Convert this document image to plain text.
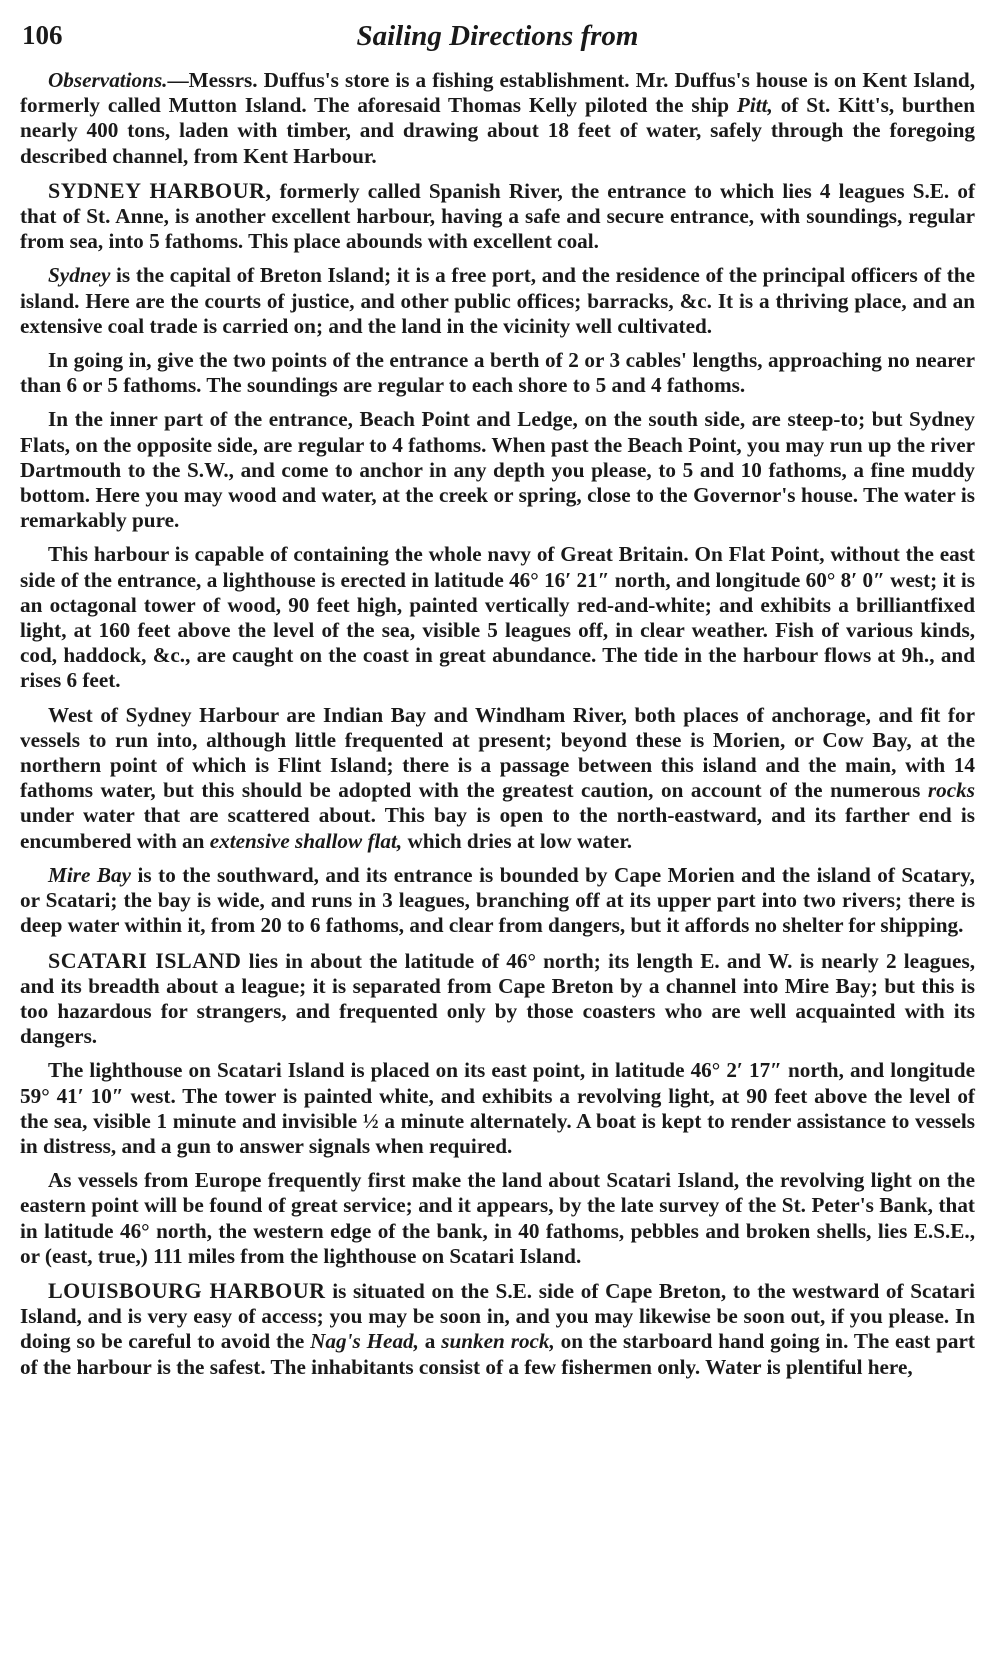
106	Sailing Directions from

Observations.—Messrs. Duffus's store is a fishing establishment. Mr. Duffus's house is on Kent Island, formerly called Mutton Island. The aforesaid Thomas Kelly piloted the ship Pitt, of St. Kitt's, burthen nearly 400 tons, laden with timber, and drawing about 18 feet of water, safely through the foregoing described channel, from Kent Harbour.

SYDNEY HARBOUR, formerly called Spanish River, the entrance to which lies 4 leagues S.E. of that of St. Anne, is another excellent harbour, having a safe and secure entrance, with soundings, regular from sea, into 5 fathoms. This place abounds with excellent coal.

Sydney is the capital of Breton Island; it is a free port, and the residence of the principal officers of the island. Here are the courts of justice, and other public offices; barracks, &c. It is a thriving place, and an extensive coal trade is carried on; and the land in the vicinity well cultivated.

In going in, give the two points of the entrance a berth of 2 or 3 cables' lengths, approaching no nearer than 6 or 5 fathoms. The soundings are regular to each shore to 5 and 4 fathoms.

In the inner part of the entrance, Beach Point and Ledge, on the south side, are steep-to; but Sydney Flats, on the opposite side, are regular to 4 fathoms. When past the Beach Point, you may run up the river Dartmouth to the S.W., and come to anchor in any depth you please, to 5 and 10 fathoms, a fine muddy bottom. Here you may wood and water, at the creek or spring, close to the Governor's house. The water is remarkably pure.

This harbour is capable of containing the whole navy of Great Britain. On Flat Point, without the east side of the entrance, a lighthouse is erected in latitude 46° 16′ 21″ north, and longitude 60° 8′ 0″ west; it is an octagonal tower of wood, 90 feet high, painted vertically red-and-white; and exhibits a brilliantfixed light, at 160 feet above the level of the sea, visible 5 leagues off, in clear weather. Fish of various kinds, cod, haddock, &c., are caught on the coast in great abundance. The tide in the harbour flows at 9h., and rises 6 feet.

West of Sydney Harbour are Indian Bay and Windham River, both places of anchorage, and fit for vessels to run into, although little frequented at present; beyond these is Morien, or Cow Bay, at the northern point of which is Flint Island; there is a passage between this island and the main, with 14 fathoms water, but this should be adopted with the greatest caution, on account of the numerous rocks under water that are scattered about. This bay is open to the north-eastward, and its farther end is encumbered with an extensive shallow flat, which dries at low water.

Mire Bay is to the southward, and its entrance is bounded by Cape Morien and the island of Scatary, or Scatari; the bay is wide, and runs in 3 leagues, branching off at its upper part into two rivers; there is deep water within it, from 20 to 6 fathoms, and clear from dangers, but it affords no shelter for shipping.

SCATARI ISLAND lies in about the latitude of 46° north; its length E. and W. is nearly 2 leagues, and its breadth about a league; it is separated from Cape Breton by a channel into Mire Bay; but this is too hazardous for strangers, and frequented only by those coasters who are well acquainted with its dangers.

The lighthouse on Scatari Island is placed on its east point, in latitude 46° 2′ 17″ north, and longitude 59° 41′ 10″ west. The tower is painted white, and exhibits a revolving light, at 90 feet above the level of the sea, visible 1 minute and invisible ½ a minute alternately. A boat is kept to render assistance to vessels in distress, and a gun to answer signals when required.

As vessels from Europe frequently first make the land about Scatari Island, the revolving light on the eastern point will be found of great service; and it appears, by the late survey of the St. Peter's Bank, that in latitude 46° north, the western edge of the bank, in 40 fathoms, pebbles and broken shells, lies E.S.E., or (east, true,) 111 miles from the lighthouse on Scatari Island.

LOUISBOURG HARBOUR is situated on the S.E. side of Cape Breton, to the westward of Scatari Island, and is very easy of access; you may be soon in, and you may likewise be soon out, if you please. In doing so be careful to avoid the Nag's Head, a sunken rock, on the starboard hand going in. The east part of the harbour is the safest. The inhabitants consist of a few fishermen only. Water is plentiful here,
